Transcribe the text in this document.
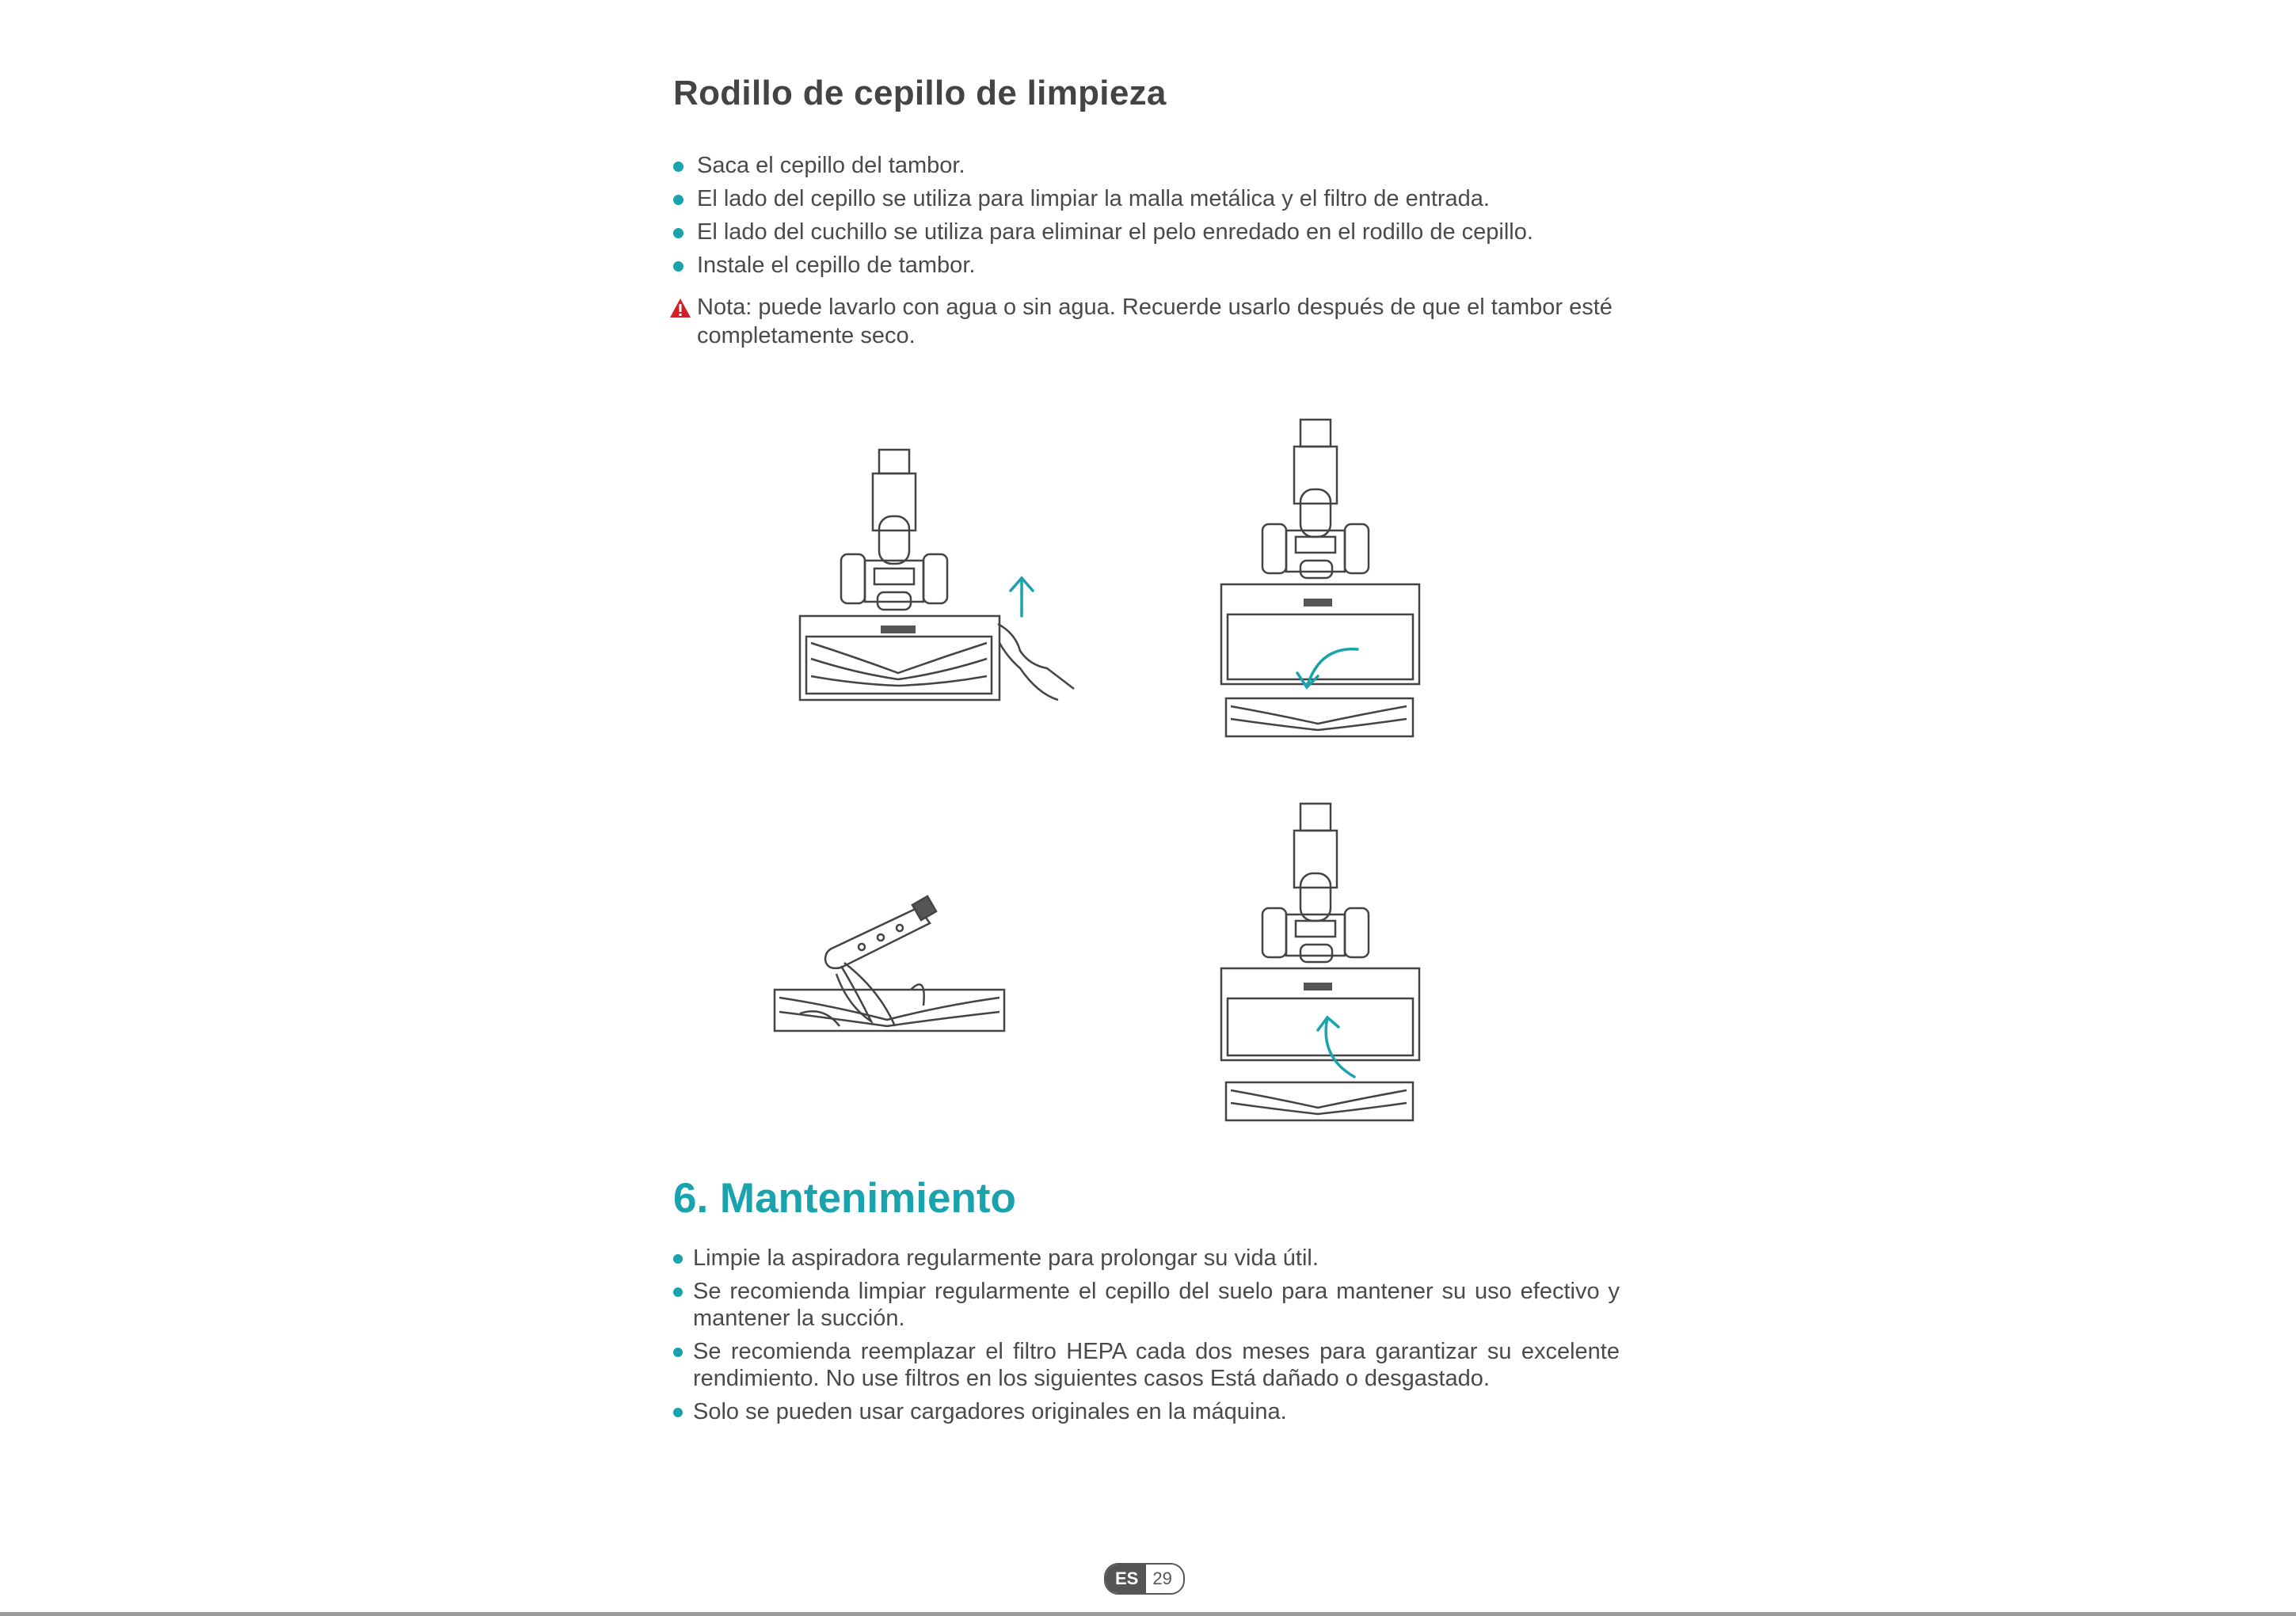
Rodillo de cepillo de limpieza
Saca el cepillo del tambor.
El lado del cepillo se utiliza para limpiar la malla metálica y el filtro de entrada.
El lado del cuchillo se utiliza para eliminar el pelo enredado en el rodillo de cepillo.
Instale el cepillo de tambor.
Nota: puede lavarlo con agua o sin agua. Recuerde usarlo después de que el tambor esté completamente seco.
6. Mantenimiento
Limpie la aspiradora regularmente para prolongar su vida útil.
Se recomienda limpiar regularmente el cepillo del suelo para mantener su uso efectivo y mantener la succión.
Se recomienda reemplazar el filtro HEPA cada dos meses para garantizar su excelente rendimiento. No use filtros en los siguientes casos Está dañado o desgastado.
Solo se pueden usar cargadores originales en la máquina.
ES 29
